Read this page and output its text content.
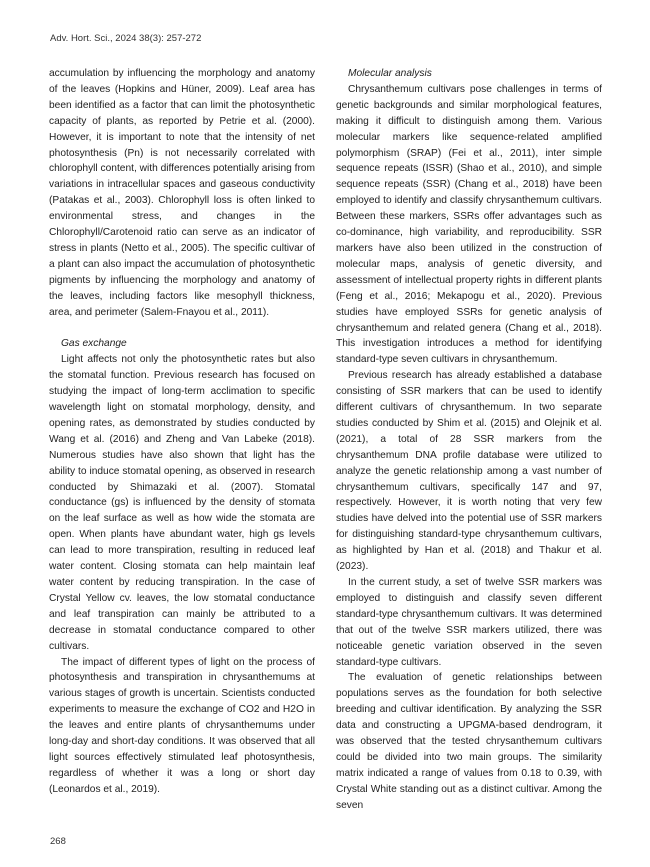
Adv. Hort. Sci., 2024 38(3): 257-272

accumulation by influencing the morphology and anatomy of the leaves (Hopkins and Hüner, 2009). Leaf area has been identified as a factor that can limit the photosynthetic capacity of plants, as reported by Petrie et al. (2000). However, it is important to note that the intensity of net photosynthesis (Pn) is not necessarily correlated with chlorophyll content, with differences potentially arising from variations in intracellular spaces and gaseous conductivity (Patakas et al., 2003). Chlorophyll loss is often linked to environmental stress, and changes in the Chlorophyll/Carotenoid ratio can serve as an indicator of stress in plants (Netto et al., 2005). The specific cultivar of a plant can also impact the accumulation of photosynthetic pigments by influencing the morphology and anatomy of the leaves, including factors like mesophyll thickness, area, and perimeter (Salem-Fnayou et al., 2011).

Gas exchange

Light affects not only the photosynthetic rates but also the stomatal function. Previous research has focused on studying the impact of long-term acclimation to specific wavelength light on stomatal morphology, density, and opening rates, as demonstrated by studies conducted by Wang et al. (2016) and Zheng and Van Labeke (2018). Numerous studies have also shown that light has the ability to induce stomatal opening, as observed in research conducted by Shimazaki et al. (2007). Stomatal conductance (gs) is influenced by the density of stomata on the leaf surface as well as how wide the stomata are open. When plants have abundant water, high gs levels can lead to more transpiration, resulting in reduced leaf water content. Closing stomata can help maintain leaf water content by reducing transpiration. In the case of Crystal Yellow cv. leaves, the low stomatal conductance and leaf transpiration can mainly be attributed to a decrease in stomatal conductance compared to other cultivars.

The impact of different types of light on the process of photosynthesis and transpiration in chrysanthemums at various stages of growth is uncertain. Scientists conducted experiments to measure the exchange of CO2 and H2O in the leaves and entire plants of chrysanthemums under long-day and short-day conditions. It was observed that all light sources effectively stimulated leaf photosynthesis, regardless of whether it was a long or short day (Leonardos et al., 2019).

Molecular analysis

Chrysanthemum cultivars pose challenges in terms of genetic backgrounds and similar morphological features, making it difficult to distinguish among them. Various molecular markers like sequence-related amplified polymorphism (SRAP) (Fei et al., 2011), inter simple sequence repeats (ISSR) (Shao et al., 2010), and simple sequence repeats (SSR) (Chang et al., 2018) have been employed to identify and classify chrysanthemum cultivars. Between these markers, SSRs offer advantages such as co-dominance, high variability, and reproducibility. SSR markers have also been utilized in the construction of molecular maps, analysis of genetic diversity, and assessment of intellectual property rights in different plants (Feng et al., 2016; Mekapogu et al., 2020). Previous studies have employed SSRs for genetic analysis of chrysanthemum and related genera (Chang et al., 2018). This investigation introduces a method for identifying standard-type seven cultivars in chrysanthemum.

Previous research has already established a database consisting of SSR markers that can be used to identify different cultivars of chrysanthemum. In two separate studies conducted by Shim et al. (2015) and Olejnik et al. (2021), a total of 28 SSR markers from the chrysanthemum DNA profile database were utilized to analyze the genetic relationship among a vast number of chrysanthemum cultivars, specifically 147 and 97, respectively. However, it is worth noting that very few studies have delved into the potential use of SSR markers for distinguishing standard-type chrysanthemum cultivars, as highlighted by Han et al. (2018) and Thakur et al. (2023).

In the current study, a set of twelve SSR markers was employed to distinguish and classify seven different standard-type chrysanthemum cultivars. It was determined that out of the twelve SSR markers utilized, there was noticeable genetic variation observed in the seven standard-type cultivars.

The evaluation of genetic relationships between populations serves as the foundation for both selective breeding and cultivar identification. By analyzing the SSR data and constructing a UPGMA-based dendrogram, it was observed that the tested chrysanthemum cultivars could be divided into two main groups. The similarity matrix indicated a range of values from 0.18 to 0.39, with Crystal White standing out as a distinct cultivar. Among the seven

268
